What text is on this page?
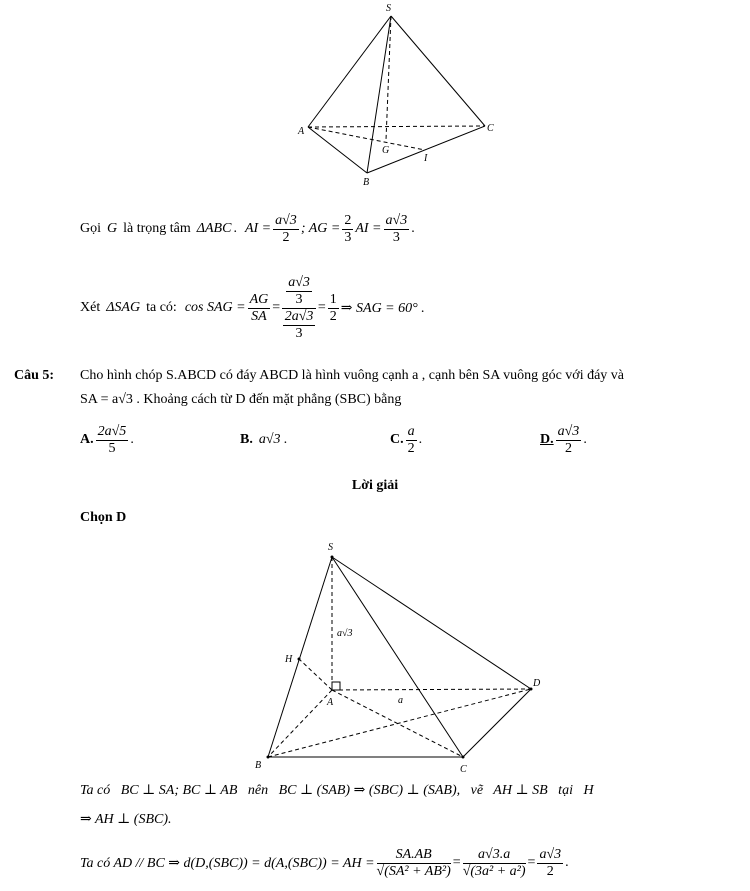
S
A	C
G
I
B
Gọi G là trọng tâm ΔABC . AI = $\frac{a√3}{2}$ ; AG = $\frac{2}{3}$ AI = $\frac{a√3}{3}$ .
Xét ΔSAG ta có: cos SAG = $\frac{AG}{SA} = \frac{\frac{a√3}{3}}{\frac{2a√3}{3}} = \frac{1}{2}$ ⇒ SAG = 60° .
Câu 5: Cho hình chóp S.ABCD có đáy ABCD là hình vuông cạnh a , cạnh bên SA vuông góc với đáy và
SA = a√3 . Khoảng cách từ D đến mặt phẳng (SBC) bằng
A. $\frac{2a√5}{5}$ .	B. a√3 .	C. $\frac{a}{2}$ .	D. $\frac{a√3}{2}$ .
Lời giải
Chọn D
S
H
A
D
B	C
a√3
a
Ta có   BC ⊥ SA; BC ⊥ AB   nên   BC ⊥ (SAB) ⇒ (SBC) ⊥ (SAB),   vẽ   AH ⊥ SB   tại   H
⇒ AH ⊥ (SBC).
Ta có AD // BC ⇒ d(D,(SBC)) = d(A,(SBC)) = AH = $\frac{SA.AB}{\text{√(SA² + AB²)}} = \frac{a√3.a}{\text{√(3a² + a²)}} = \frac{a√3}{2}$ .
